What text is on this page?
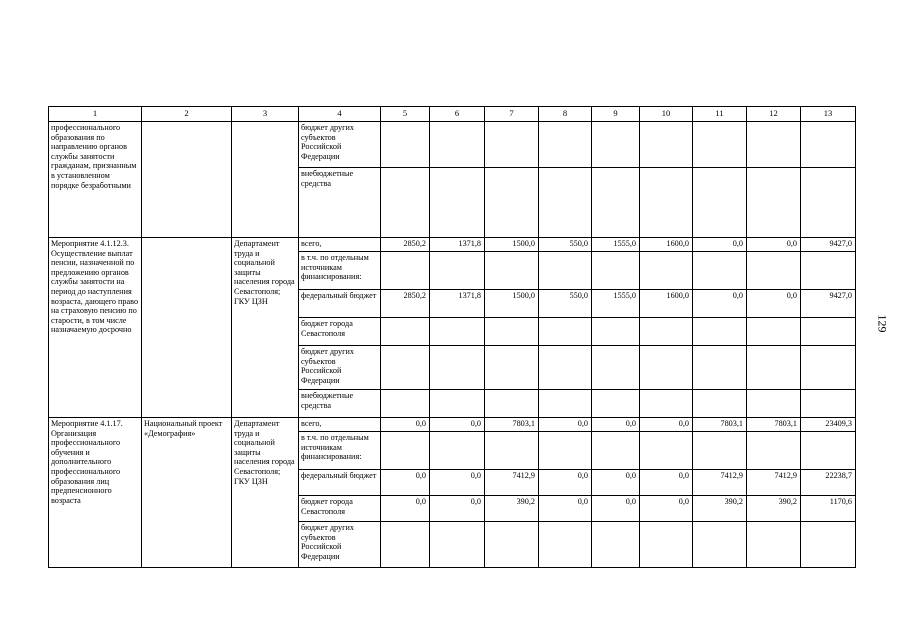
1	2	3	4	5	6	7	8	9	10	11	12	13
профессионального образования по направлению органов службы занятости гражданам, признанным в установленном порядке безработными			бюджет других субъектов Российской Федерации									
			внебюджетные средства									
Мероприятие 4.1.12.3. Осуществление выплат пенсии, назначенной по предложению органов службы занятости на период до наступления возраста, дающего право на страховую пенсию по старости, в том числе назначаемую досрочно		Департамент труда и социальной защиты населения города Севастополя; ГКУ ЦЗН	всего,	2850,2	1371,8	1500,0	550,0	1555,0	1600,0	0,0	0,0	9427,0
			в т.ч. по отдельным источникам финансирования:									
			федеральный бюджет	2850,2	1371,8	1500,0	550,0	1555,0	1600,0	0,0	0,0	9427,0
			бюджет города Севастополя									
			бюджет других субъектов Российской Федерации									
			внебюджетные средства									
Мероприятие 4.1.17. Организация профессионального обучения и дополнительного профессионального образования лиц предпенсионного возраста	Национальный проект «Демография»	Департамент труда и социальной защиты населения города Севастополя; ГКУ ЦЗН	всего,	0,0	0,0	7803,1	0,0	0,0	0,0	7803,1	7803,1	23409,3
			в т.ч. по отдельным источникам финансирования:									
			федеральный бюджет	0,0	0,0	7412,9	0,0	0,0	0,0	7412,9	7412,9	22238,7
			бюджет города Севастополя	0,0	0,0	390,2	0,0	0,0	0,0	390,2	390,2	1170,6
			бюджет других субъектов Российской Федерации									
129
